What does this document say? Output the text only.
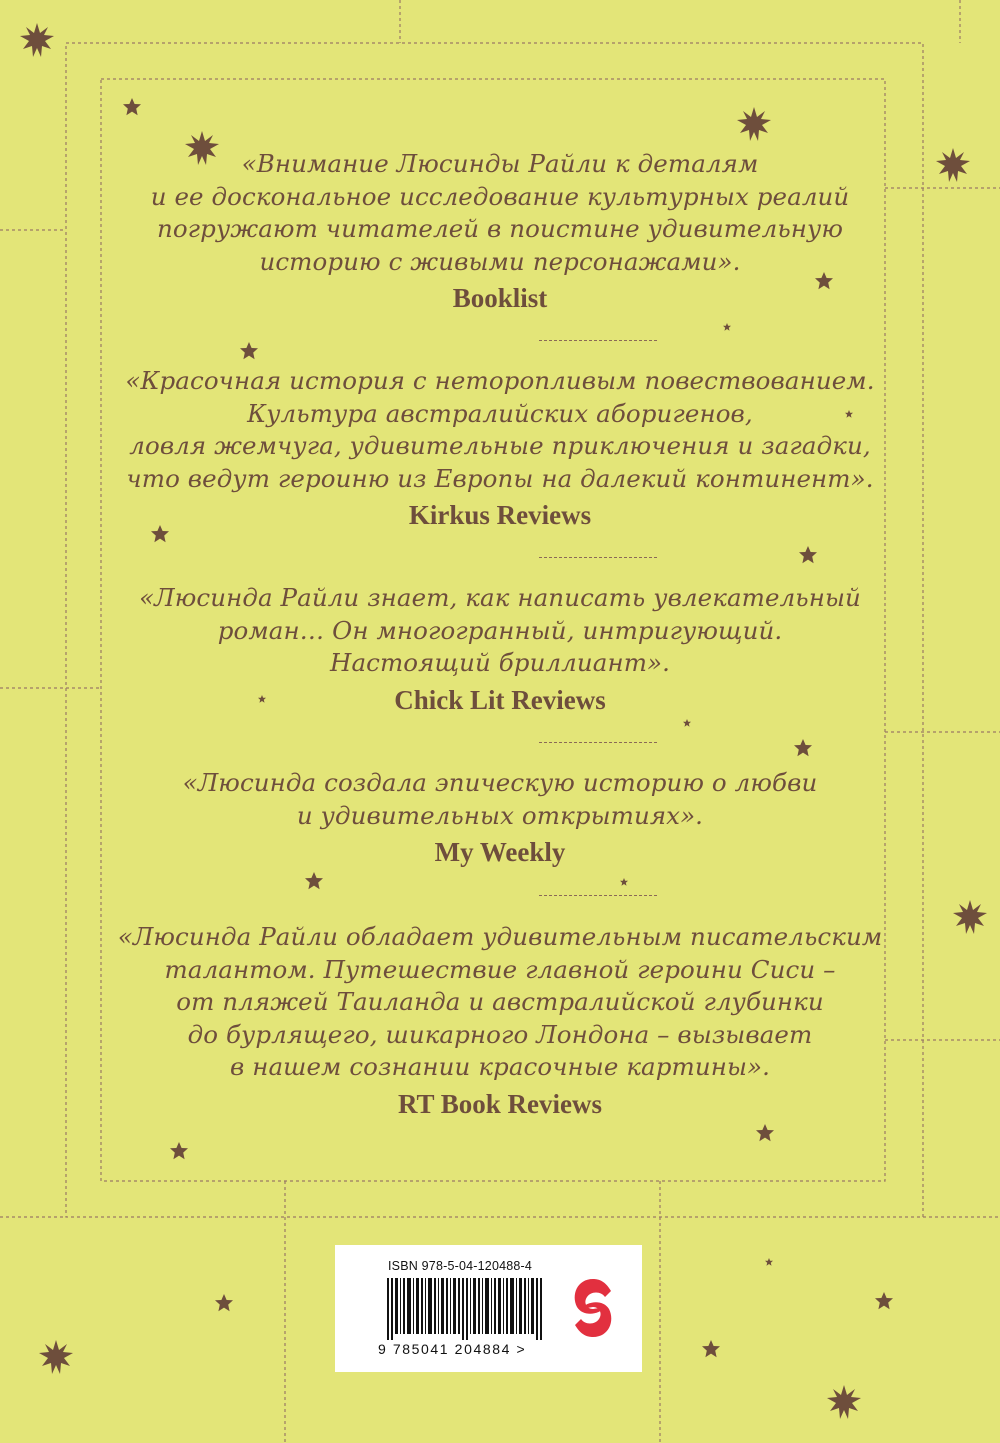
«Внимание Люсинды Райли к деталям

и ее доскональное исследование культурных реалий

погружают читателей в поистине удивительную

историю с живыми персонажами».

Booklist

«Красочная история с неторопливым повествованием.

Культура австралийских аборигенов,

ловля жемчуга, удивительные приключения и загадки,

что ведут героиню из Европы на далекий континент».

Kirkus Reviews

«Люсинда Райли знает, как написать увлекательный

роман… Он многогранный, интригующий.

Настоящий бриллиант».

Chick Lit Reviews

«Люсинда создала эпическую историю о любви

и удивительных открытиях».

My Weekly

«Люсинда Райли обладает удивительным писательским

талантом. Путешествие главной героини Сиси –

от пляжей Таиланда и австралийской глубинки

до бурлящего, шикарного Лондона – вызывает

в нашем сознании красочные картины».

RT Book Reviews
ISBN 978-5-04-120488-4
9 785041 204884 >
